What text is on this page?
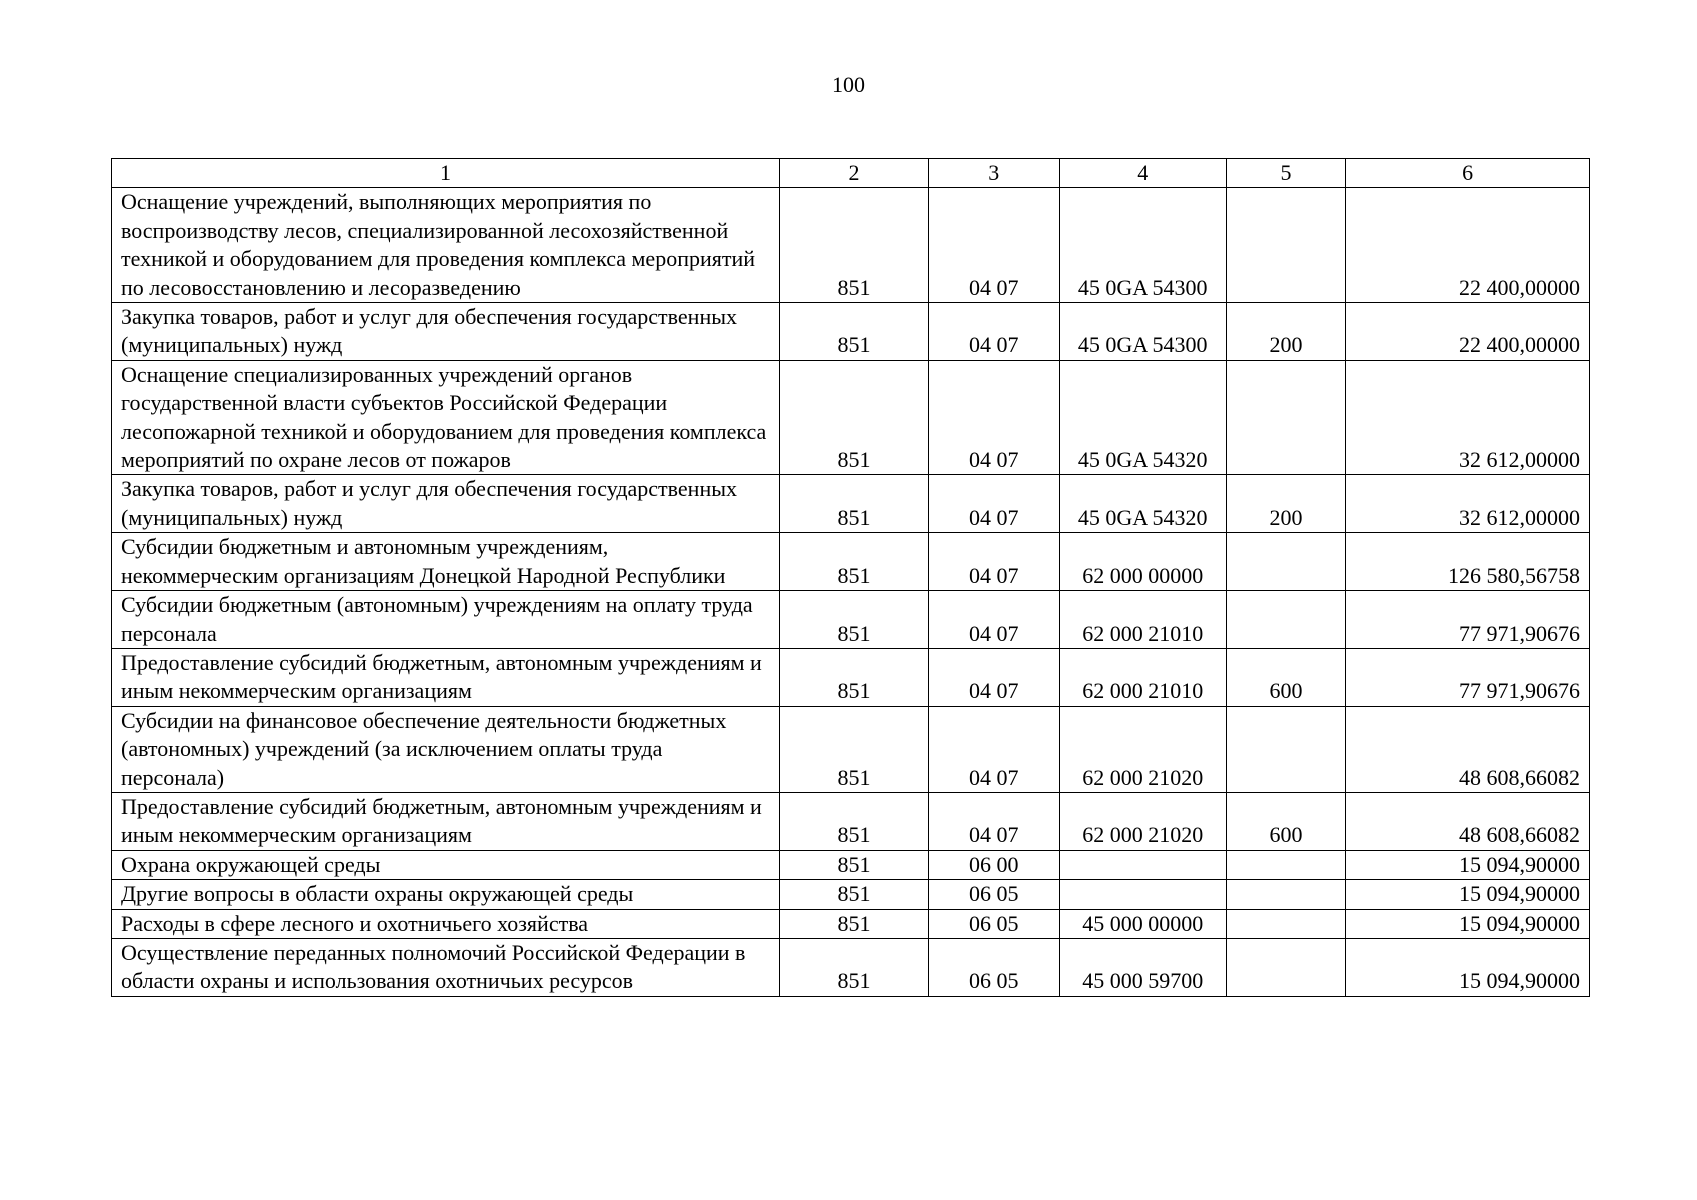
100
1	2	3	4	5	6
Оснащение учреждений, выполняющих мероприятия по воспроизводству лесов, специализированной лесохозяйственной техникой и оборудованием для проведения комплекса мероприятий по лесовосстановлению и лесоразведению	851	04 07	45 0GA 54300		22 400,00000
Закупка товаров, работ и услуг для обеспечения государственных (муниципальных) нужд	851	04 07	45 0GA 54300	200	22 400,00000
Оснащение специализированных учреждений органов государственной власти субъектов Российской Федерации лесопожарной техникой и оборудованием для проведения комплекса мероприятий по охране лесов от пожаров	851	04 07	45 0GA 54320		32 612,00000
Закупка товаров, работ и услуг для обеспечения государственных (муниципальных) нужд	851	04 07	45 0GA 54320	200	32 612,00000
Субсидии бюджетным и автономным учреждениям, некоммерческим организациям Донецкой Народной Республики	851	04 07	62 000 00000		126 580,56758
Субсидии бюджетным (автономным) учреждениям на оплату труда персонала	851	04 07	62 000 21010		77 971,90676
Предоставление субсидий бюджетным, автономным учреждениям и иным некоммерческим организациям	851	04 07	62 000 21010	600	77 971,90676
Субсидии на финансовое обеспечение деятельности бюджетных (автономных) учреждений (за исключением оплаты труда персонала)	851	04 07	62 000 21020		48 608,66082
Предоставление субсидий бюджетным, автономным учреждениям и иным некоммерческим организациям	851	04 07	62 000 21020	600	48 608,66082
Охрана окружающей среды	851	06 00			15 094,90000
Другие вопросы в области охраны окружающей среды	851	06 05			15 094,90000
Расходы в сфере лесного и охотничьего хозяйства	851	06 05	45 000 00000		15 094,90000
Осуществление переданных полномочий Российской Федерации в области охраны и использования охотничьих ресурсов	851	06 05	45 000 59700		15 094,90000
